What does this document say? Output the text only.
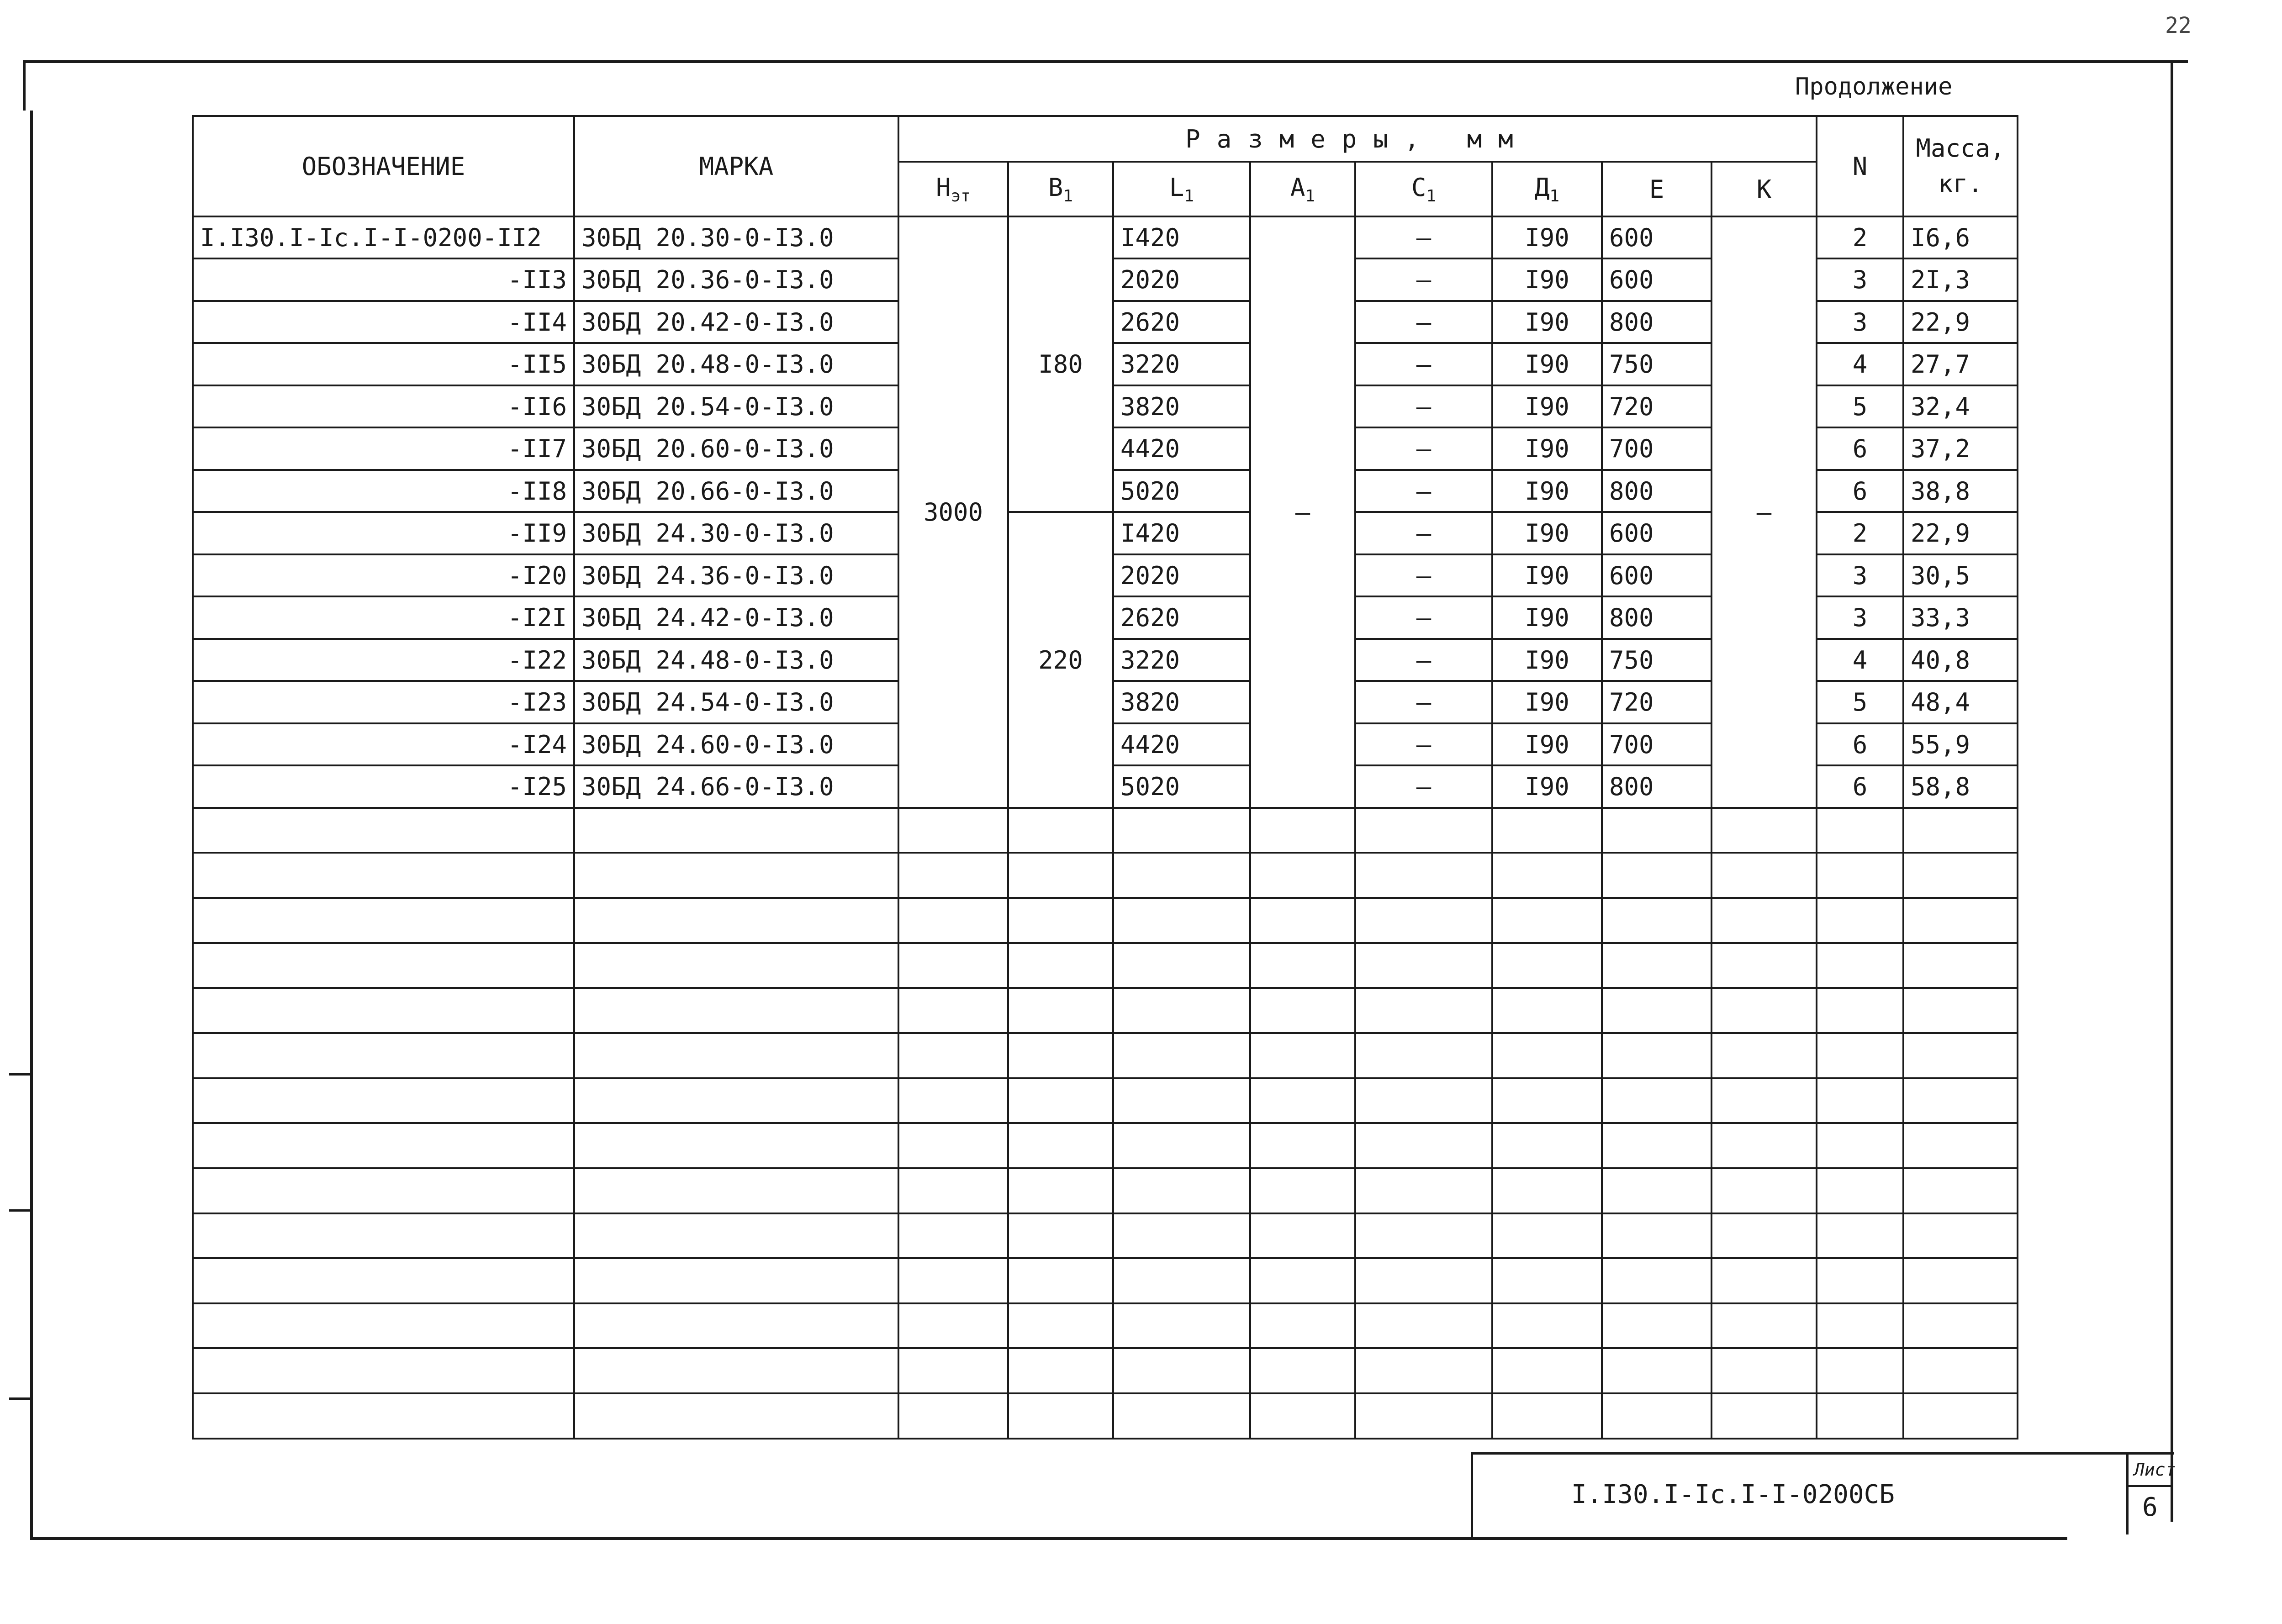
22
Продолжение
ОБОЗНАЧЕНИЕ	МАРКА	Размеры, мм								N	Масса, кг.
		$Н_{эт}$	$В_1$	$L_1$	$А_1$	$С_1$	$Д_1$	Е	К		
I.I30.I-Ic.I-I-0200-II2	30БД 20.30-0-I3.0	3000	I80	I420	–	–	I90	600	–	2	I6,6
-II3	30БД 20.36-0-I3.0			2020		–	I90	600		3	2I,3
-II4	30БД 20.42-0-I3.0			2620		–	I90	800		3	22,9
-II5	30БД 20.48-0-I3.0			3220		–	I90	750		4	27,7
-II6	30БД 20.54-0-I3.0			3820		–	I90	720		5	32,4
-II7	30БД 20.60-0-I3.0			4420		–	I90	700		6	37,2
-II8	30БД 20.66-0-I3.0			5020		–	I90	800		6	38,8
-II9	30БД 24.30-0-I3.0		220	I420		–	I90	600		2	22,9
-I20	30БД 24.36-0-I3.0			2020		–	I90	600		3	30,5
-I2I	30БД 24.42-0-I3.0			2620		–	I90	800		3	33,3
-I22	30БД 24.48-0-I3.0			3220		–	I90	750		4	40,8
-I23	30БД 24.54-0-I3.0			3820		–	I90	720		5	48,4
-I24	30БД 24.60-0-I3.0			4420		–	I90	700		6	55,9
-I25	30БД 24.66-0-I3.0			5020		–	I90	800		6	58,8

I.I30.I-Ic.I-I-0200СБ
Лист
6
